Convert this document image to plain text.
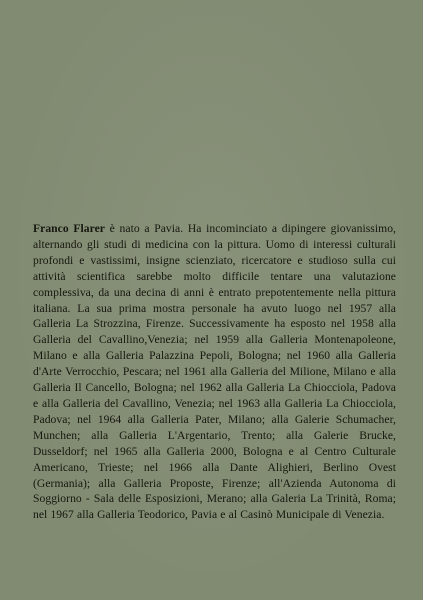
Franco Flarer è nato a Pavia. Ha incominciato a dipingere giovanissimo, alternando gli studi di medicina con la pittura. Uomo di interessi culturali profondi e vastissimi, insigne scienziato, ricercatore e studioso sulla cui attività scientifica sarebbe molto difficile tentare una valutazione complessiva, da una decina di anni è entrato prepotentemente nella pittura italiana. La sua prima mostra personale ha avuto luogo nel 1957 alla Galleria La Strozzina, Firenze. Successivamente ha esposto nel 1958 alla Galleria del Cavallino,Venezia; nel 1959 alla Galleria Montenapoleone, Milano e alla Galleria Palazzina Pepoli, Bologna; nel 1960 alla Galleria d'Arte Verrocchio, Pescara; nel 1961 alla Galleria del Milione, Milano e alla Galleria Il Cancello, Bologna; nel 1962 alla Galleria La Chiocciola, Padova e alla Galleria del Cavallino, Venezia; nel 1963 alla Galleria La Chiocciola, Padova; nel 1964 alla Galleria Pater, Milano; alla Galerie Schumacher, Munchen; alla Galleria L'Argentario, Trento; alla Galerie Brucke, Dusseldorf; nel 1965 alla Galleria 2000, Bologna e al Centro Culturale Americano, Trieste; nel 1966 alla Dante Alighieri, Berlino Ovest (Germania); alla Galleria Proposte, Firenze; all'Azienda Autonoma di Soggiorno - Sala delle Esposizioni, Merano; alla Galeria La Trinità, Roma; nel 1967 alla Galleria Teodorico, Pavia e al Casinò Municipale di Venezia.
